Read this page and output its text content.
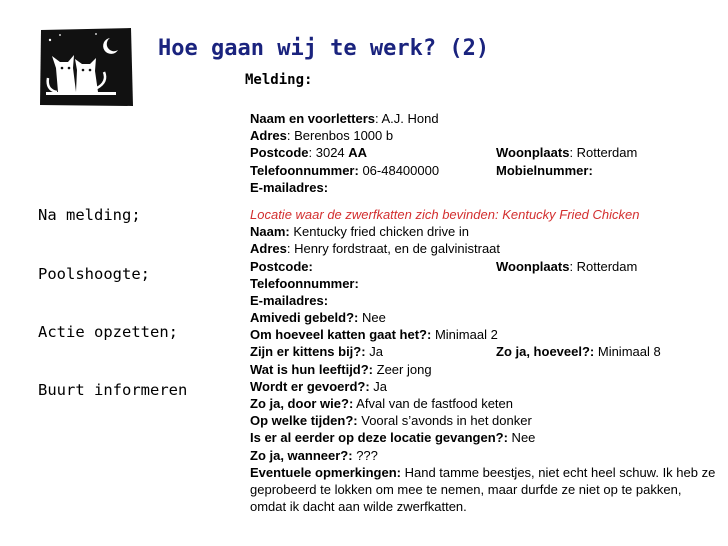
Hoe gaan wij te werk? (2)
Melding:
Na melding;
Poolshoogte;
Actie opzetten;
Buurt informeren
Naam en voorletters: A.J. Hond
Adres: Berenbos 1000 b
Postcode: 3024 AA	Woonplaats: Rotterdam
Telefoonnummer: 06-48400000	Mobielnummer:
E-mailadres:
Locatie waar de zwerfkatten zich bevinden: Kentucky Fried Chicken
Naam: Kentucky fried chicken drive in
Adres: Henry fordstraat, en de galvinistraat
Postcode:	Woonplaats: Rotterdam
Telefoonnummer:
E-mailadres:
Amivedi gebeld?: Nee
Om hoeveel katten gaat het?: Minimaal 2
Zijn er kittens bij?: Ja	Zo ja, hoeveel?: Minimaal 8
Wat is hun leeftijd?: Zeer jong
Wordt er gevoerd?: Ja
Zo ja, door wie?: Afval van de fastfood keten
Op welke tijden?: Vooral s’avonds in het donker
Is er al eerder op deze locatie gevangen?: Nee
Zo ja, wanneer?: ???
Eventuele opmerkingen: Hand tamme beestjes, niet echt heel schuw. Ik heb ze geprobeerd te lokken om mee te nemen, maar durfde ze niet op te pakken, omdat ik dacht aan wilde zwerfkatten.
